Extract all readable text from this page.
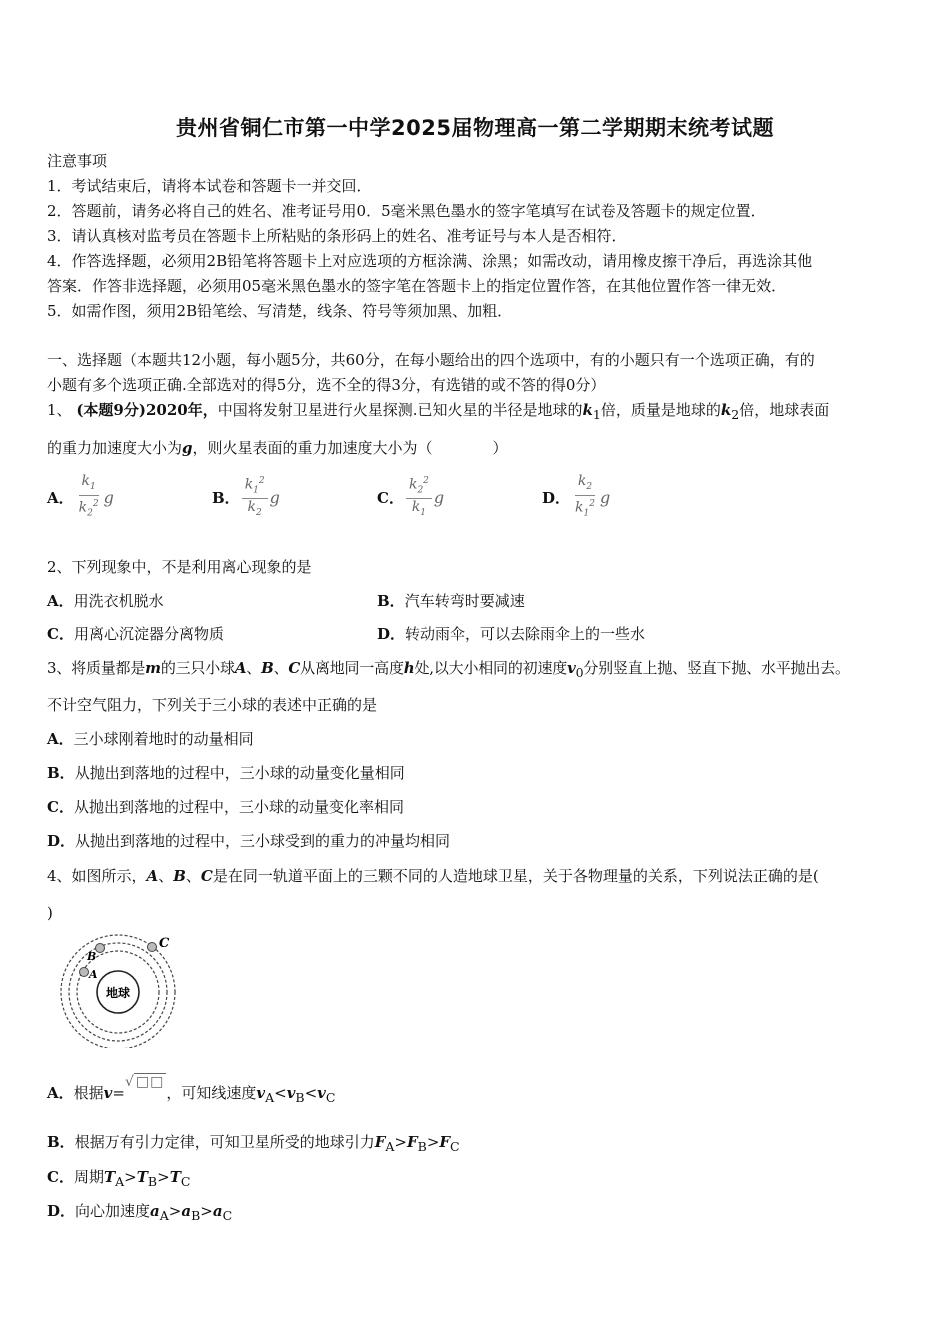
贵州省铜仁市第一中学2025届物理高一第二学期期末统考试题
注意事项
1．考试结束后，请将本试卷和答题卡一并交回．
2．答题前，请务必将自己的姓名、准考证号用0．5毫米黑色墨水的签字笔填写在试卷及答题卡的规定位置．
3．请认真核对监考员在答题卡上所粘贴的条形码上的姓名、准考证号与本人是否相符．
4．作答选择题，必须用2B铅笔将答题卡上对应选项的方框涂满、涂黑；如需改动，请用橡皮擦干净后，再选涂其他
答案．作答非选择题，必须用05毫米黑色墨水的签字笔在答题卡上的指定位置作答，在其他位置作答一律无效．
5．如需作图，须用2B铅笔绘、写清楚，线条、符号等须加黑、加粗．
一、选择题（本题共12小题，每小题5分，共60分，在每小题给出的四个选项中，有的小题只有一个选项正确，有的
小题有多个选项正确.全部选对的得5分，选不全的得3分，有选错的或不答的得0分）
1、 (本题9分)2020年，中国将发射卫星进行火星探测.已知火星的半径是地球的$k_1$倍，质量是地球的$k_2$倍，地球表面
的重力加速度大小为g，则火星表面的重力加速度大小为（　　　　）
A． $\frac{k_1}{k_2^2}$ g	B． $\frac{k_1^2}{k_2}$ g	C． $\frac{k_2^2}{k_1}$ g	D． $\frac{k_2}{k_1^2}$ g
2、下列现象中，不是利用离心现象的是
A．用洗衣机脱水	B．汽车转弯时要减速
C．用离心沉淀器分离物质	D．转动雨伞，可以去除雨伞上的一些水
3、将质量都是m的三只小球A、B、C从离地同一高度h处,以大小相同的初速度$v_0$分别竖直上抛、竖直下抛、水平抛出去。
不计空气阻力，下列关于三小球的表述中正确的是
A．三小球刚着地时的动量相同
B．从抛出到落地的过程中，三小球的动量变化量相同
C．从抛出到落地的过程中，三小球的动量变化率相同
D．从抛出到落地的过程中，三小球受到的重力的冲量均相同
4、如图所示，A、B、C是在同一轨道平面上的三颗不同的人造地球卫星，关于各物理量的关系，下列说法正确的是(
)
地球
A
B
C
A．根据v=√ □□，可知线速度$v_A<v_B<v_C$
B．根据万有引力定律，可知卫星所受的地球引力$F_A>F_B>F_C$
C．周期$T_A>T_B>T_C$
D．向心加速度$a_A>a_B>a_C$
